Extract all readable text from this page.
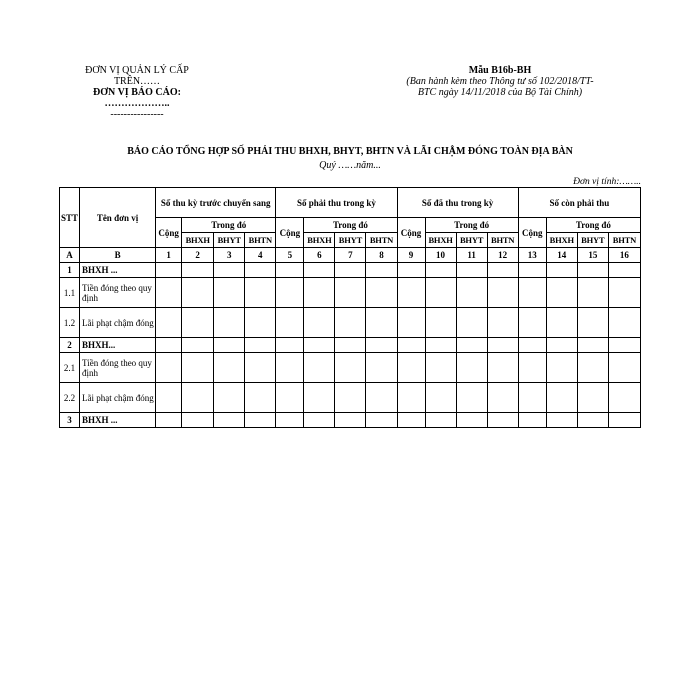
ĐƠN VỊ QUẢN LÝ CẤP
TRÊN……
ĐƠN VỊ BÁO CÁO:
………………..
----------------
Mẫu B16b-BH
(Ban hành kèm theo Thông tư số 102/2018/TT-
BTC ngày 14/11/2018 của Bộ Tài Chính)
BÁO CÁO TỔNG HỢP SỐ PHẢI THU BHXH, BHYT, BHTN VÀ LÃI CHẬM ĐÓNG TOÀN ĐỊA BÀN
Quý ……năm...
Đơn vị tính:……..
STT	Tên đơn vị	Số thu kỳ trước chuyển sang				Số phải thu trong kỳ				Số đã thu trong kỳ				Số còn phải thu			
		Cộng	Trong đó			Cộng	Trong đó			Cộng	Trong đó			Cộng	Trong đó		
			BHXH	BHYT	BHTN		BHXH	BHYT	BHTN		BHXH	BHYT	BHTN		BHXH	BHYT	BHTN
A	B	1	2	3	4	5	6	7	8	9	10	11	12	13	14	15	16
1	BHXH ...																
1.1	Tiền đóng theo quy định																
1.2	Lãi phạt chậm đóng																
2	BHXH...																
2.1	Tiền đóng theo quy định																
2.2	Lãi phạt chậm đóng																
3	BHXH ...																
